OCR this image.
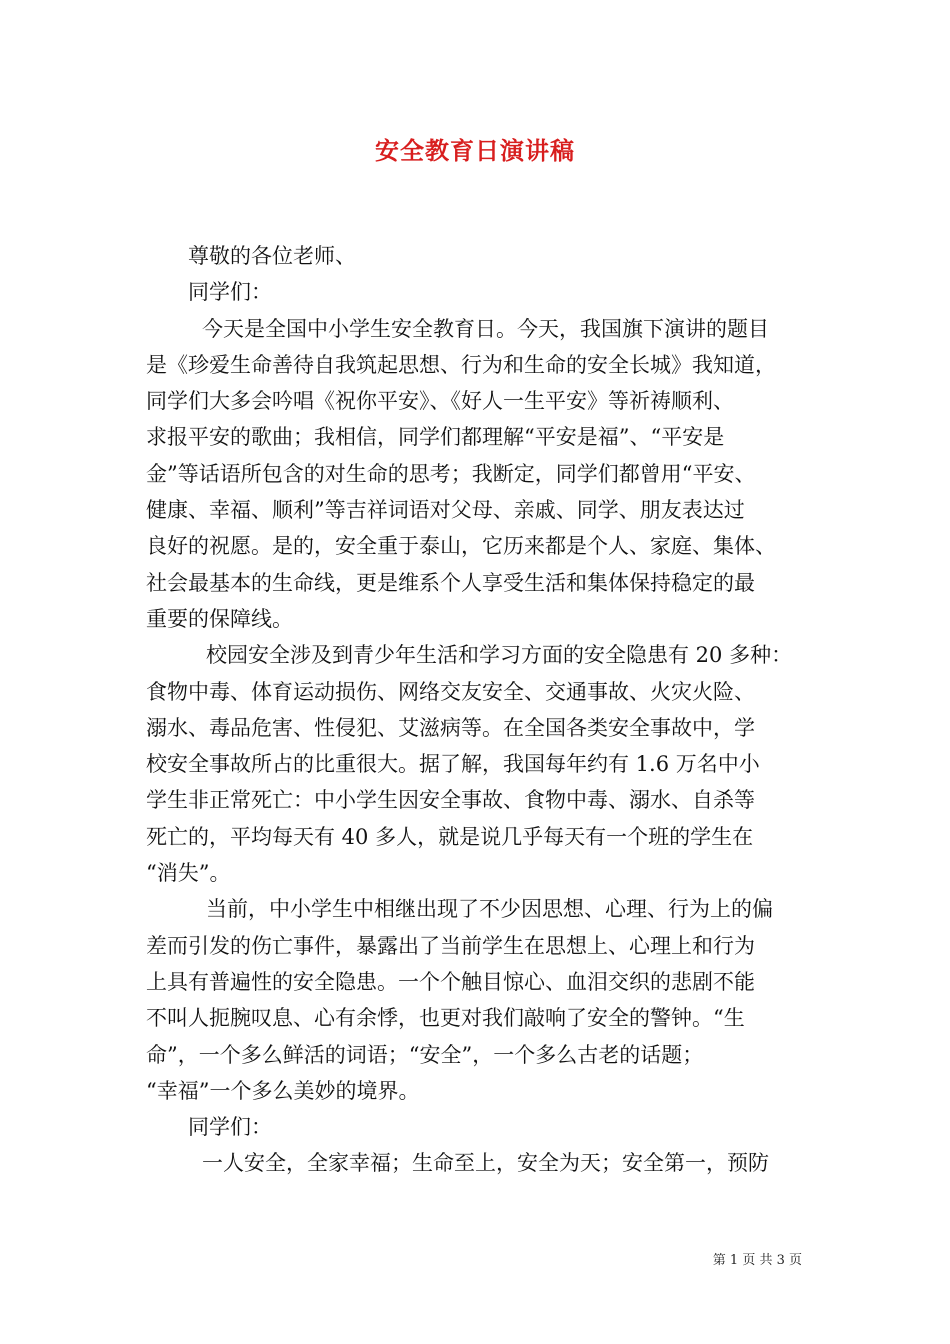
安全教育日演讲稿

尊敬的各位老师、

同学们：

今天是全国中小学生安全教育日。今天，我国旗下演讲的题目

是《珍爱生命善待自我筑起思想、行为和生命的安全长城》我知道，

同学们大多会吟唱《祝你平安》、《好人一生平安》等祈祷顺利、

求报平安的歌曲；我相信，同学们都理解“平安是福”、“平安是

金”等话语所包含的对生命的思考；我断定，同学们都曾用“平安、

健康、幸福、顺利”等吉祥词语对父母、亲戚、同学、朋友表达过

良好的祝愿。是的，安全重于泰山，它历来都是个人、家庭、集体、

社会最基本的生命线，更是维系个人享受生活和集体保持稳定的最

重要的保障线。

校园安全涉及到青少年生活和学习方面的安全隐患有 20 多种：

食物中毒、体育运动损伤、网络交友安全、交通事故、火灾火险、

溺水、毒品危害、性侵犯、艾滋病等。在全国各类安全事故中，学

校安全事故所占的比重很大。据了解，我国每年约有 1.6 万名中小

学生非正常死亡：中小学生因安全事故、食物中毒、溺水、自杀等

死亡的，平均每天有 40 多人，就是说几乎每天有一个班的学生在

“消失”。

当前，中小学生中相继出现了不少因思想、心理、行为上的偏

差而引发的伤亡事件，暴露出了当前学生在思想上、心理上和行为

上具有普遍性的安全隐患。一个个触目惊心、血泪交织的悲剧不能

不叫人扼腕叹息、心有余悸，也更对我们敲响了安全的警钟。“生

命”，一个多么鲜活的词语；“安全”，一个多么古老的话题；

“幸福”一个多么美妙的境界。

同学们：

一人安全，全家幸福；生命至上，安全为天；安全第一，预防

第 1 页 共 3 页
